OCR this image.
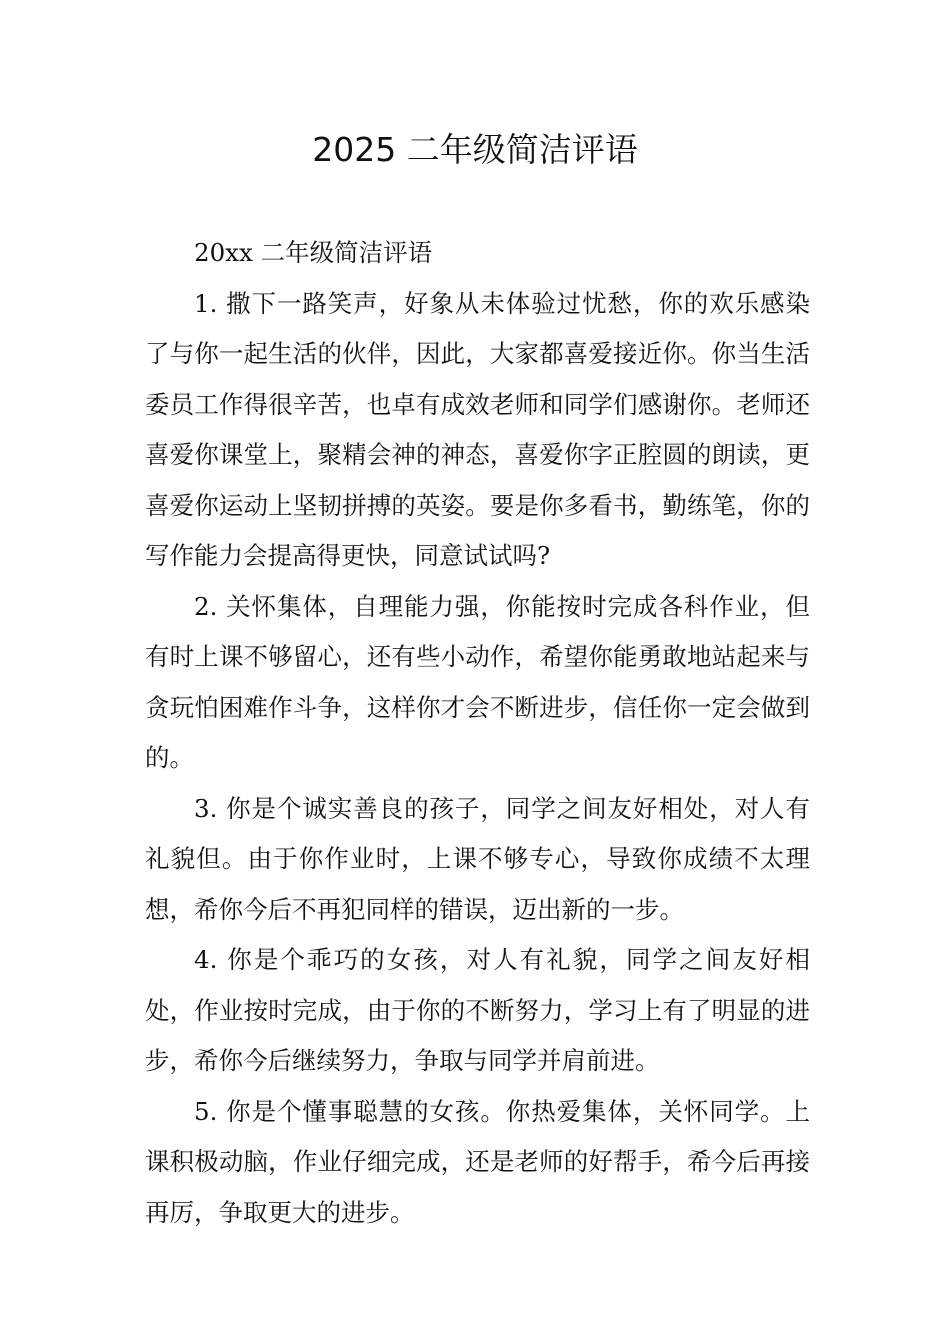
2025 二年级简洁评语

20xx 二年级简洁评语

1. 撒下一路笑声，好象从未体验过忧愁，你的欢乐感染了与你一起生活的伙伴，因此，大家都喜爱接近你。你当生活委员工作得很辛苦，也卓有成效老师和同学们感谢你。老师还喜爱你课堂上，聚精会神的神态，喜爱你字正腔圆的朗读，更喜爱你运动上坚韧拼搏的英姿。要是你多看书，勤练笔，你的写作能力会提高得更快，同意试试吗?

2. 关怀集体，自理能力强，你能按时完成各科作业，但有时上课不够留心，还有些小动作，希望你能勇敢地站起来与贪玩怕困难作斗争，这样你才会不断进步，信任你一定会做到的。

3. 你是个诚实善良的孩子，同学之间友好相处，对人有礼貌但。由于你作业时，上课不够专心，导致你成绩不太理想，希你今后不再犯同样的错误，迈出新的一步。

4. 你是个乖巧的女孩，对人有礼貌，同学之间友好相处，作业按时完成，由于你的不断努力，学习上有了明显的进步，希你今后继续努力，争取与同学并肩前进。

5. 你是个懂事聪慧的女孩。你热爱集体，关怀同学。上课积极动脑，作业仔细完成，还是老师的好帮手，希今后再接再厉，争取更大的进步。
